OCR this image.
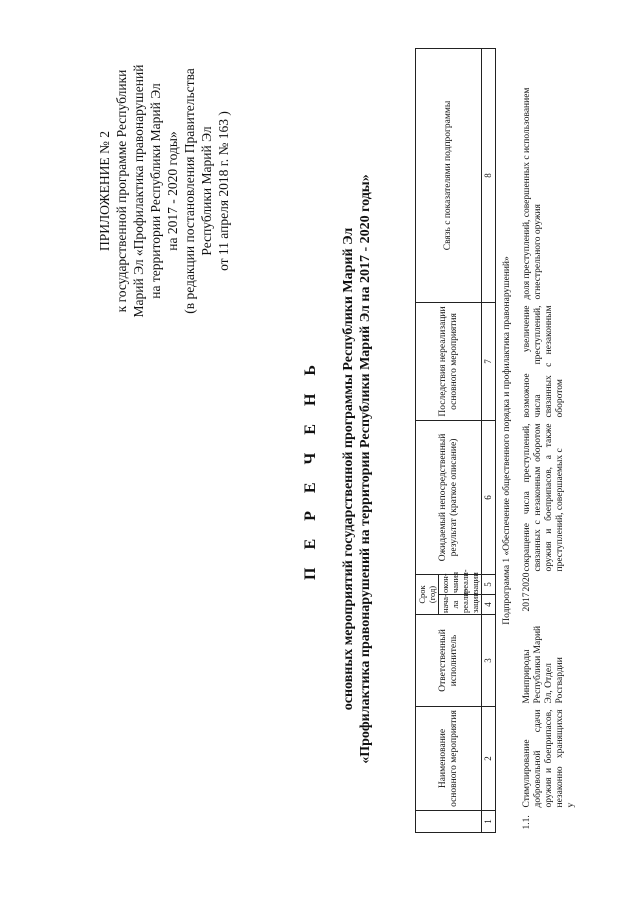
ПРИЛОЖЕНИЕ № 2 к государственной программе Республики Марий Эл «Профилактика правонарушений на территории Республики Марий Эл на 2017 - 2020 годы» (в редакции постановления Правительства Республики Марий Эл от 11 апреля 2018 г. № 163 )
П Е Р Е Ч Е Н Ь основных мероприятий государственной программы Республики Марий Эл «Профилактика правонарушений на территории Республики Марий Эл на 2017 - 2020 годы»
		Наименование основного мероприятия	Ответственный исполнитель	Срок (год)		Ожидаемый непосредственный результат (краткое описание)	Последствия нереализации основного мероприятия	Связь с показателями подпрограммы
			нача- ла реали- зации	окон- чания реали- зации			
1	2	3	4	5	6	7	8
Подпрограмма 1 «Обеспечение общественного порядка и профилактика правонарушений»							
1.1.	Стимулирование добровольной сдачи оружия и боеприпасов, незаконно хранящихся у	Минприроды Республики Марий Эл, Отдел Росгвардии	2017	2020	сокращение числа преступлений, связанных с незаконным оборотом оружия и боеприпасов, а также преступлений, совершаемых с	возможное увеличение числа преступлений, связанных с незаконным оборотом	доля преступлений, совершенных с использованием огнестрельного оружия
